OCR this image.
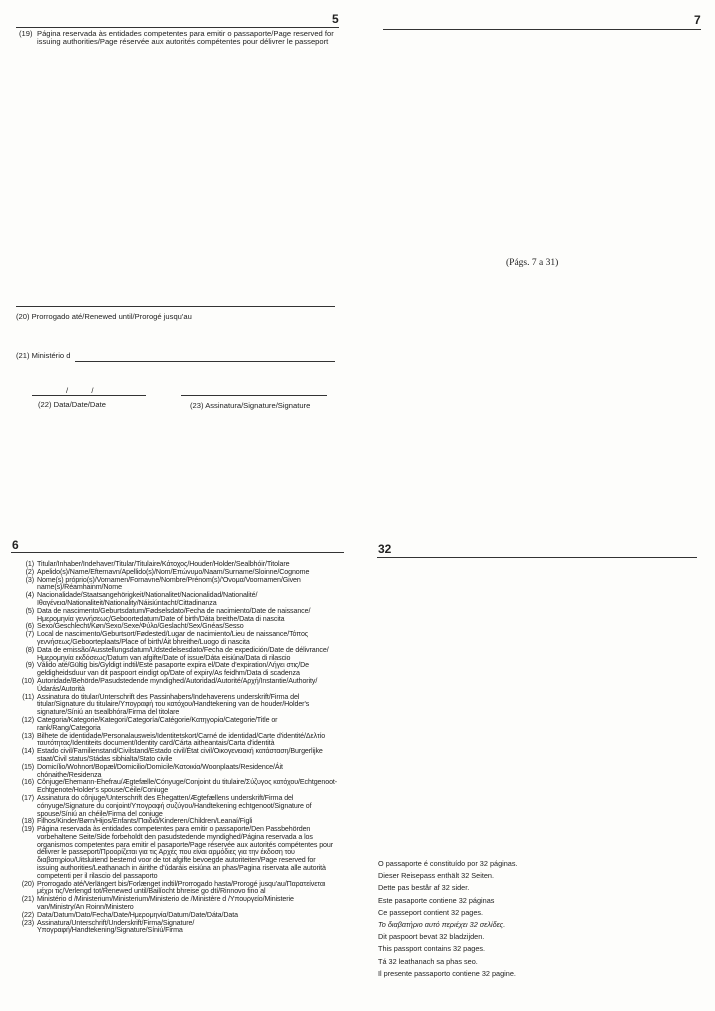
5
(19) Página reservada às entidades competentes para emitir o passaporte/Page reserved for issuing authorities/Page réservée aux autorités compétentes pour délivrer le passeport
(20) Prorrogado até/Renewed until/Prorogé jusqu'au
(21) Ministério d
/           /
(22) Data/Date/Date	(23) Assinatura/Signature/Signature
7
(Págs. 7 a 31)
6
(1) Titular/Inhaber/Indehaver/Titular/Titulaire/Κάτοχος/Houder/Holder/Sealbhóir/Titolare
(2) Apelido(s)/Name/Efternavn/Apellido(s)/Nom/Επώνυμο/Naam/Surname/Sloinne/Cognome
(3) Nome(s) próprio(s)/Vornamen/Fornavne/Nombre/Prénom(s)/'Ονομα/Voornamen/Given name(s)/Réamhainm/Nome
(4) Nacionalidade/Staatsangehörigkeit/Nationalitet/Nacionalidad/Nationalité/Ιθαγένεια/Nationaliteit/Nationality/Náisiúntacht/Cittadinanza
(5) Data de nascimento/Geburtsdatum/Fødselsdato/Fecha de nacimiento/Date de naissance/Ημερομηνία γεννήσεως/Geboortedatum/Date of birth/Dáta breithe/Data di nascita
(6) Sexo/Geschlecht/Køn/Sexo/Sexe/Φύλο/Geslacht/Sex/Gnéas/Sesso
(7) Local de nascimento/Geburtsort/Fødested/Lugar de nacimiento/Lieu de naissance/Τόπος γεννήσεως/Geboorteplaats/Place of birth/Áit bhreithe/Luogo di nascita
(8) Data de emissão/Ausstellungsdatum/Udstedelsesdato/Fecha de expedición/Date de délivrance/Ημερομηνία εκδόσεως/Datum van afgifte/Date of issue/Dáta eisiúna/Data di rilascio
(9) Válido até/Gültig bis/Gyldigt indtil/Este pasaporte expira el/Date d'expiration/Λήγει στις/De geldigheidsduur van dit paspoort eindigt op/Date of expiry/As feidhm/Data di scadenza
(10) Autoridade/Behörde/Pasudstedende myndighed/Autoridad/Autorité/Αρχή/Instantie/Authority/Údarás/Autorità
(11) Assinatura do titular/Unterschrift des Passinhabers/Indehaverens underskrift/Firma del titular/Signature du titulaire/Υπογραφή του κατόχου/Handtekening van de houder/Holder's signature/Síniú an tsealbhóra/Firma del titolare
(12) Categoria/Kategorie/Kategori/Categoría/Catégorie/Κατηγορία/Categorie/Title or rank/Rang/Categoria
(13) Bilhete de identidade/Personalausweis/Identitetskort/Carné de identidad/Carte d'identité/Δελτίο ταυτότητας/Identiteits document/Identity card/Cárta aitheantais/Carta d'identità
(14) Estado civil/Familienstand/Civilstand/Estado civil/État civil/Οικογενειακή κατάσταση/Burgerlijke staat/Civil status/Stádas sibhialta/Stato civile
(15) Domicílio/Wohnort/Bopæl/Domicilio/Domicile/Κατοικία/Woonplaats/Residence/Áit chónaithe/Residenza
(16) Cônjuge/Ehemann-Ehefrau/Ægtefælle/Cónyuge/Conjoint du titulaire/Σύζυγος κατόχου/Echtgenoot-Echtgenote/Holder's spouse/Céile/Coniuge
(17) Assinatura do cônjuge/Unterschrift des Ehegatten/Ægtefællens underskrift/Firma del cónyuge/Signature du conjoint/Υπογραφή συζύγου/Handtekening echtgenoot/Signature of spouse/Síniú an chéile/Firma del coniuge
(18) Filhos/Kinder/Børn/Hijos/Enfants/Παιδιά/Kinderen/Children/Leanaí/Figli
(19) Página reservada às entidades competentes para emitir o passaporte/Den Passbehörden vorbehaltene Seite/Side forbeholdt den pasudstedende myndighed/Página reservada a los organismos competentes para emitir el pasaporte/Page réservée aux autorités compétentes pour délivrer le passeport/Προορίζεται για τις Αρχές που είναι αρμόδιες για την έκδοση του διαβατηρίου/Uitsluitend bestemd voor de tot afgifte bevoegde autoriteiten/Page reserved for issuing authorities/Leathanach in áirithe d'údaráis eisiúna an phas/Pagina riservata alle autorità competenti per il rilascio del passaporto
(20) Prorrogado até/Verlängert bis/Forlænget indtil/Prorrogado hasta/Prorogé jusqu'au/Παρατείνεται μέχρι τις/Verlengd tot/Renewed until/Bailíocht bhreise go dtí/Rinnovo fino al
(21) Ministério d /Ministerium/Ministerium/Ministerio de /Ministère d /Υπουργείο/Ministerie van/Ministry/An Roinn/Ministero
(22) Data/Datum/Dato/Fecha/Date/Ημερομηνία/Datum/Date/Dáta/Data
(23) Assinatura/Unterschrift/Underskrift/Firma/Signature/Υπογραφή/Handtekening/Signature/Síniú/Firma
32
O passaporte é constituído por 32 páginas.
Dieser Reisepass enthält 32 Seiten.
Dette pas består af 32 sider.
Este pasaporte contiene 32 páginas
Ce passeport contient 32 pages.
Το διαβατήριο αυτό περιέχει 32 σελίδες.
Dit paspoort bevat 32 bladzijden.
This passport contains 32 pages.
Tá 32 leathanach sa phas seo.
Il presente passaporto contiene 32 pagine.
